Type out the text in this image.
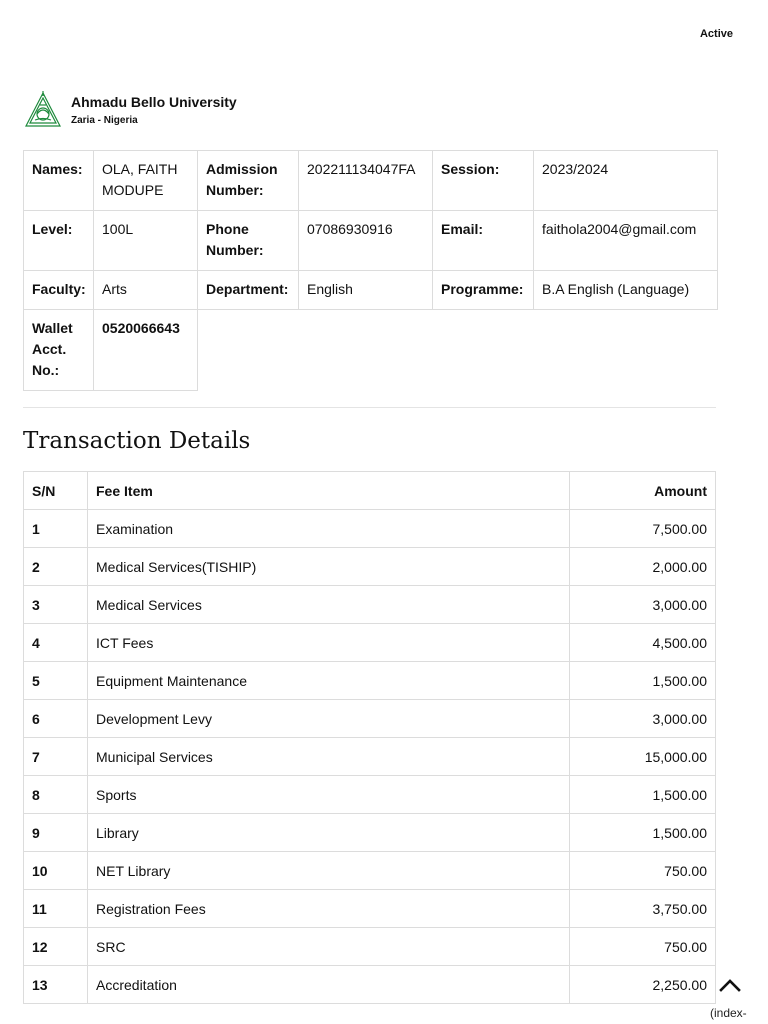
Active
Ahmadu Bello University
Zaria - Nigeria
Names:	OLA, FAITH MODUPE	Admission Number:	202211134047FA	Session:	2023/2024
Level:	100L	Phone Number:	07086930916	Email:	faithola2004@gmail.com
Faculty:	Arts	Department:	English	Programme:	B.A English (Language)
Wallet Acct. No.:	0520066643				
Transaction Details
S/N	Fee Item	Amount
1	Examination	7,500.00
2	Medical Services(TISHIP)	2,000.00
3	Medical Services	3,000.00
4	ICT Fees	4,500.00
5	Equipment Maintenance	1,500.00
6	Development Levy	3,000.00
7	Municipal Services	15,000.00
8	Sports	1,500.00
9	Library	1,500.00
10	NET Library	750.00
11	Registration Fees	3,750.00
12	SRC	750.00
13	Accreditation	2,250.00
(index-
